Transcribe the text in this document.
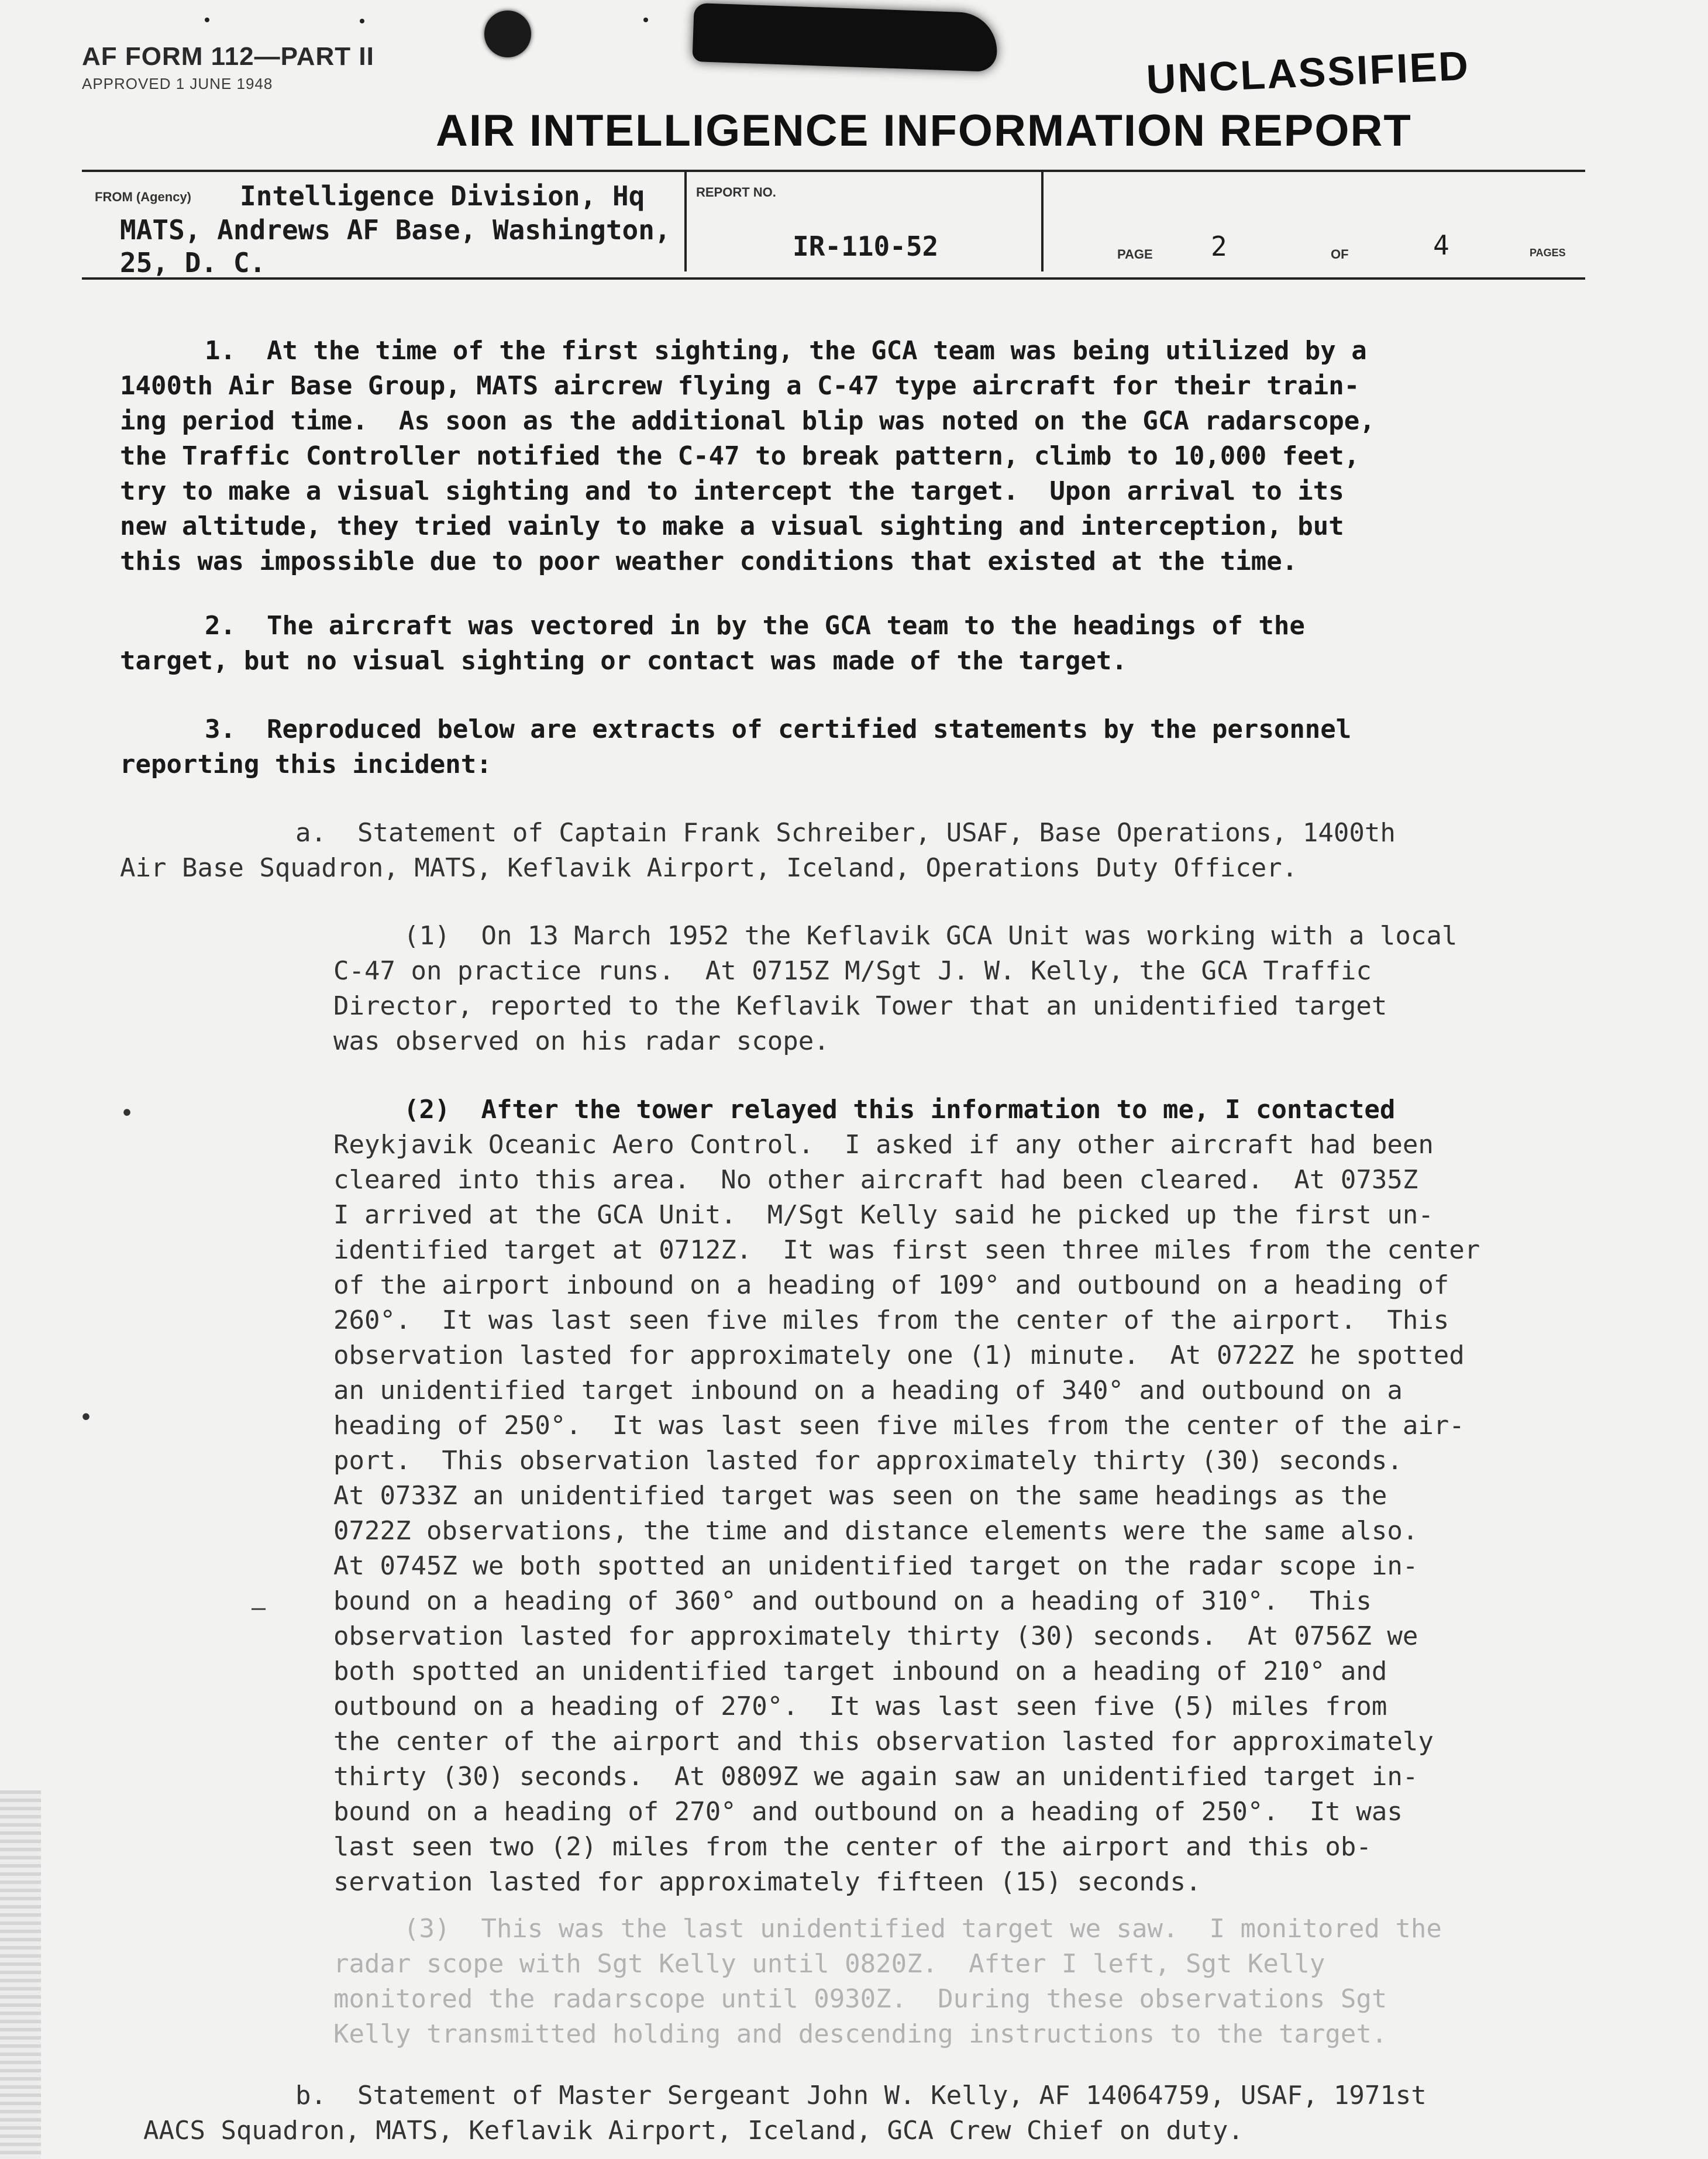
AF FORM 112—PART II
APPROVED 1 JUNE 1948	UNCLASSIFIED
AIR INTELLIGENCE INFORMATION REPORT
FROM (Agency) Intelligence Division, Hq
MATS, Andrews AF Base, Washington,
25, D. C.
REPORT NO.
IR-110-52	PAGE 2	OF	4	PAGES
1.  At the time of the first sighting, the GCA team was being utilized by a
1400th Air Base Group, MATS aircrew flying a C-47 type aircraft for their train-
ing period time.  As soon as the additional blip was noted on the GCA radarscope,
the Traffic Controller notified the C-47 to break pattern, climb to 10,000 feet,
try to make a visual sighting and to intercept the target.  Upon arrival to its
new altitude, they tried vainly to make a visual sighting and interception, but
this was impossible due to poor weather conditions that existed at the time.
2.  The aircraft was vectored in by the GCA team to the headings of the
target, but no visual sighting or contact was made of the target.
3.  Reproduced below are extracts of certified statements by the personnel
reporting this incident:
a.  Statement of Captain Frank Schreiber, USAF, Base Operations, 1400th
Air Base Squadron, MATS, Keflavik Airport, Iceland, Operations Duty Officer.
(1)  On 13 March 1952 the Keflavik GCA Unit was working with a local
C-47 on practice runs.  At 0715Z M/Sgt J. W. Kelly, the GCA Traffic
Director, reported to the Keflavik Tower that an unidentified target
was observed on his radar scope.
•	(2)  After the tower relayed this information to me, I contacted
Reykjavik Oceanic Aero Control.  I asked if any other aircraft had been
cleared into this area.  No other aircraft had been cleared.  At 0735Z
I arrived at the GCA Unit.  M/Sgt Kelly said he picked up the first un-
identified target at 0712Z.  It was first seen three miles from the center
of the airport inbound on a heading of 109° and outbound on a heading of
260°.  It was last seen five miles from the center of the airport.  This
observation lasted for approximately one (1) minute.  At 0722Z he spotted
an unidentified target inbound on a heading of 340° and outbound on a
•	heading of 250°.  It was last seen five miles from the center of the air-
port.  This observation lasted for approximately thirty (30) seconds.
At 0733Z an unidentified target was seen on the same headings as the
0722Z observations, the time and distance elements were the same also.
At 0745Z we both spotted an unidentified target on the radar scope in-
–	bound on a heading of 360° and outbound on a heading of 310°.  This
observation lasted for approximately thirty (30) seconds.  At 0756Z we
both spotted an unidentified target inbound on a heading of 210° and
outbound on a heading of 270°.  It was last seen five (5) miles from
the center of the airport and this observation lasted for approximately
thirty (30) seconds.  At 0809Z we again saw an unidentified target in-
bound on a heading of 270° and outbound on a heading of 250°.  It was
last seen two (2) miles from the center of the airport and this ob-
servation lasted for approximately fifteen (15) seconds.
(3)  This was the last unidentified target we saw.  I monitored the
radar scope with Sgt Kelly until 0820Z.  After I left, Sgt Kelly
monitored the radarscope until 0930Z.  During these observations Sgt
Kelly transmitted holding and descending instructions to the target.
b.  Statement of Master Sergeant John W. Kelly, AF 14064759, USAF, 1971st
AACS Squadron, MATS, Keflavik Airport, Iceland, GCA Crew Chief on duty.
